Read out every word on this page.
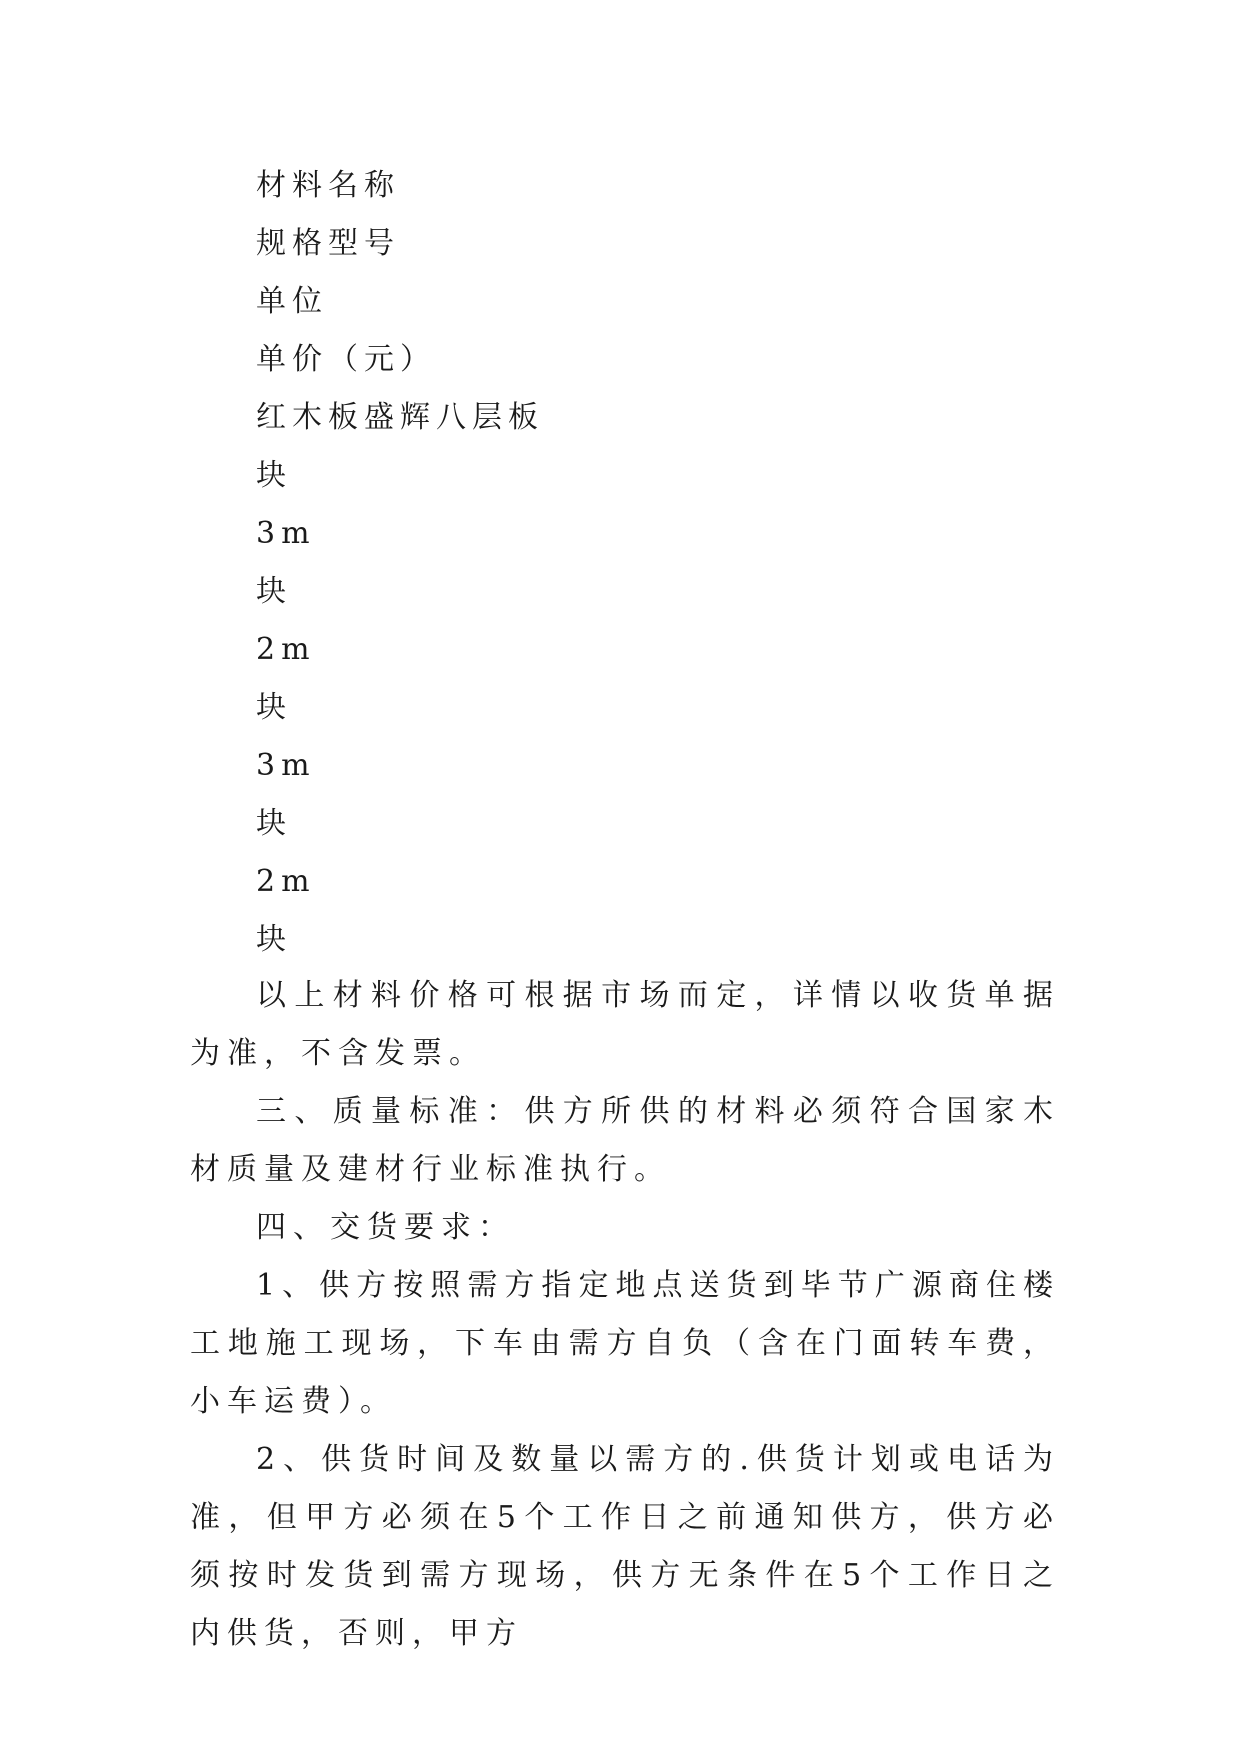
材料名称
规格型号
单位
单价（元）
红木板盛辉八层板
块
3m
块
2m
块
3m
块
2m
块

以上材料价格可根据市场而定，详情以收货单据为准，不含发票。

三、质量标准：供方所供的材料必须符合国家木材质量及建材行业标准执行。

四、交货要求：

1、供方按照需方指定地点送货到毕节广源商住楼工地施工现场，下车由需方自负（含在门面转车费，小车运费）。

2、供货时间及数量以需方的.供货计划或电话为准，但甲方必须在5个工作日之前通知供方，供方必须按时发货到需方现场，供方无条件在5个工作日之内供货，否则，甲方
